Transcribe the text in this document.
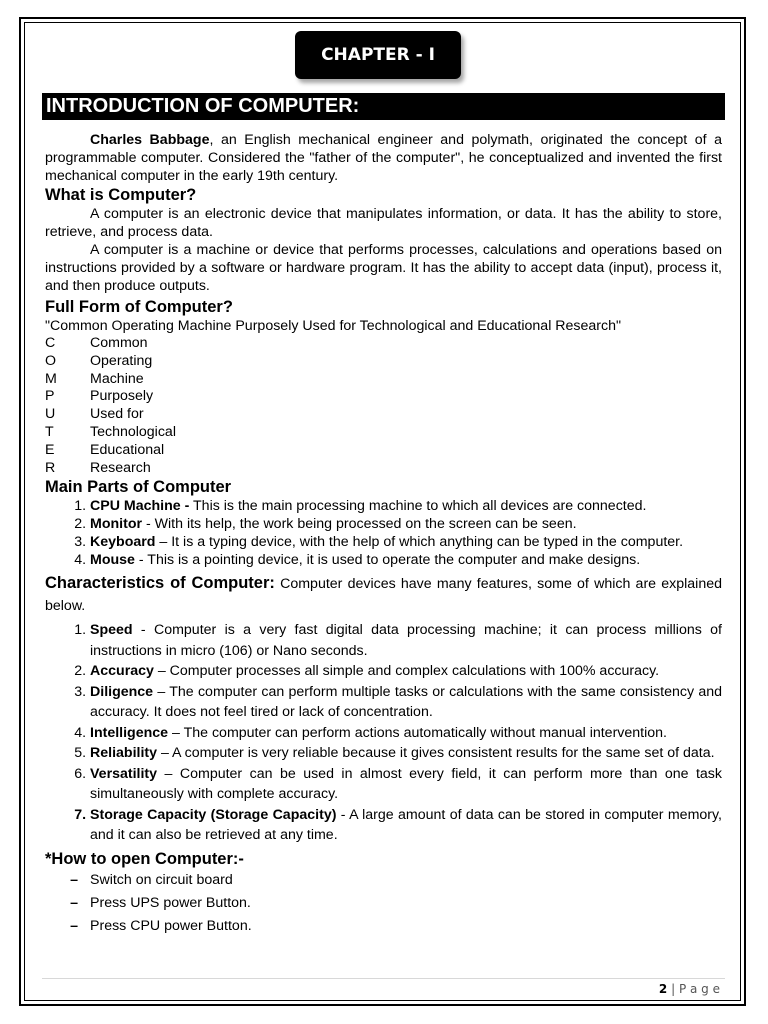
CHAPTER - I
INTRODUCTION OF COMPUTER:

Charles Babbage, an English mechanical engineer and polymath, originated the concept of a programmable computer. Considered the "father of the computer", he conceptualized and invented the first mechanical computer in the early 19th century.

What is Computer?

A computer is an electronic device that manipulates information, or data. It has the ability to store, retrieve, and process data.

A computer is a machine or device that performs processes, calculations and operations based on instructions provided by a software or hardware program. It has the ability to accept data (input), process it, and then produce outputs.

Full Form of Computer?

"Common Operating Machine Purposely Used for Technological and Educational Research"

C	Common
O	Operating
M	Machine
P	Purposely
U	Used for
T	Technological
E	Educational
R	Research
Main Parts of Computer
1. CPU Machine - This is the main processing machine to which all devices are connected.
2. Monitor - With its help, the work being processed on the screen can be seen.
3. Keyboard – It is a typing device, with the help of which anything can be typed in the computer.
4. Mouse - This is a pointing device, it is used to operate the computer and make designs.

Characteristics of Computer: Computer devices have many features, some of which are explained below.

1. Speed - Computer is a very fast digital data processing machine; it can process millions of instructions in micro (106) or Nano seconds.

2. Accuracy – Computer processes all simple and complex calculations with 100% accuracy.

3. Diligence – The computer can perform multiple tasks or calculations with the same consistency and accuracy. It does not feel tired or lack of concentration.

4. Intelligence – The computer can perform actions automatically without manual intervention.

5. Reliability – A computer is very reliable because it gives consistent results for the same set of data.

6. Versatility – Computer can be used in almost every field, it can perform more than one task simultaneously with complete accuracy.

7. Storage Capacity (Storage Capacity) - A large amount of data can be stored in computer memory, and it can also be retrieved at any time.

*How to open Computer:-
– Switch on circuit board
– Press UPS power Button.
– Press CPU power Button.
2 | P a g e
